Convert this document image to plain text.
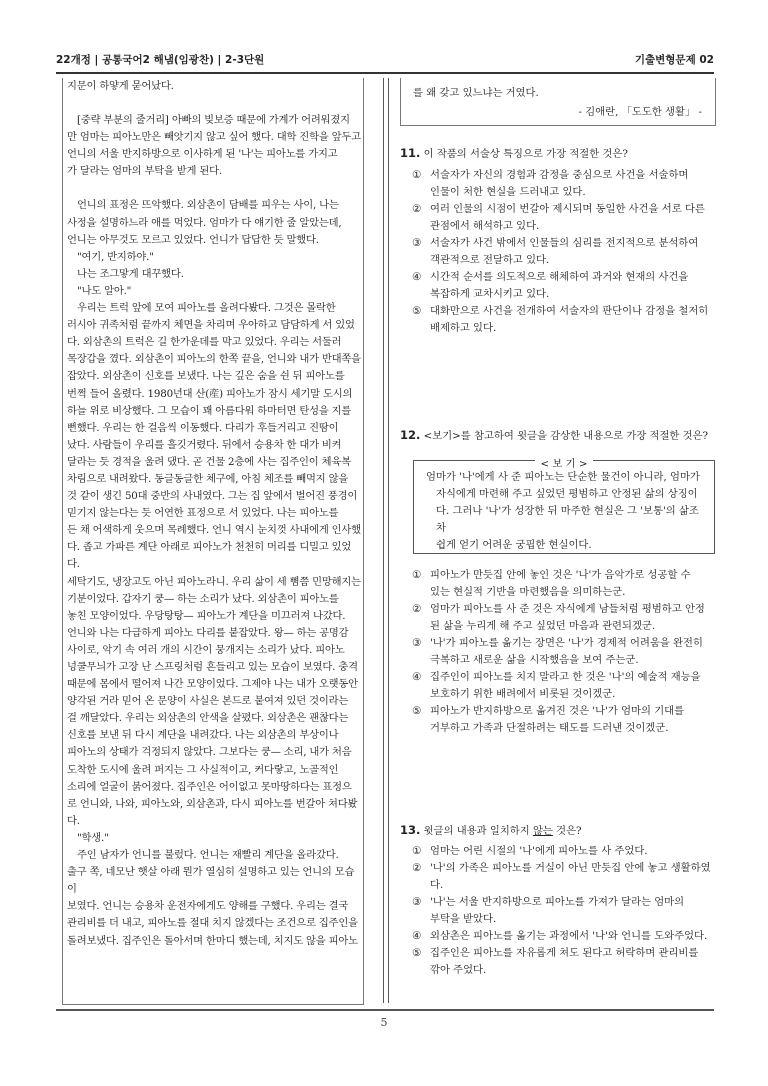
22개정 | 공통국어2 해냄(임광찬) | 2-3단원	기출변형문제 02

지문이 하얗게 묻어났다.

[중략 부분의 줄거리] 아빠의 빚보증 때문에 가계가 어려워졌지

만 엄마는 피아노만은 빼앗기지 않고 싶어 했다. 대학 진학을 앞두고

언니의 서울 반지하방으로 이사하게 된 '나'는 피아노를 가지고

가 달라는 엄마의 부탁을 받게 된다.

언니의 표정은 뜨악했다. 외삼촌이 담배를 피우는 사이, 나는

사정을 설명하느라 애를 먹었다. 엄마가 다 얘기한 줄 알았는데,

언니는 아무것도 모르고 있었다. 언니가 답답한 듯 말했다.

"여기, 반지하야."

나는 조그맣게 대꾸했다.

"나도 알아."

우리는 트럭 앞에 모여 피아노를 올려다봤다. 그것은 몰락한

러시아 귀족처럼 끝까지 체면을 차리며 우아하고 담담하게 서 있었

다. 외삼촌의 트럭은 길 한가운데를 막고 있었다. 우리는 서둘러

목장갑을 꼈다. 외삼촌이 피아노의 한쪽 끝을, 언니와 내가 반대쪽을

잡았다. 외삼촌이 신호를 보냈다. 나는 깊은 숨을 쉰 뒤 피아노를

번쩍 들어 올렸다. 1980년대 산(産) 피아노가 잠시 세기말 도시의

하늘 위로 비상했다. 그 모습이 꽤 아름다워 하마터면 탄성을 지를

뻔했다. 우리는 한 걸음씩 이동했다. 다리가 후들거리고 진땀이

났다. 사람들이 우리를 흘깃거렸다. 뒤에서 승용차 한 대가 비켜

달라는 듯 경적을 울려 댔다. 곧 건물 2층에 사는 집주인이 체육복

차림으로 내려왔다. 동글동글한 체구에, 아침 체조를 빼먹지 않을

것 같이 생긴 50대 중반의 사내였다. 그는 집 앞에서 벌어진 풍경이

믿기지 않는다는 듯 어연한 표정으로 서 있었다. 나는 피아노를

든 채 어색하게 웃으며 목례했다. 언니 역시 눈치껏 사내에게 인사했

다. 좁고 가파른 계단 아래로 피아노가 천천히 머리를 디밀고 있었다.

세탁기도, 냉장고도 아닌 피아노라니. 우리 삶이 세 뼘쯤 민망해지는

기분이었다. 갑자기 쿵— 하는 소리가 났다. 외삼촌이 피아노를

놓친 모양이었다. 우당탕탕— 피아노가 계단을 미끄러져 나갔다.

언니와 나는 다급하게 피아노 다리를 붙잡았다. 왕— 하는 공명감

사이로, 악기 속 여러 개의 시간이 뭉개지는 소리가 났다. 피아노

넝쿨무늬가 고장 난 스프링처럼 흔들리고 있는 모습이 보였다. 충격

때문에 몸에서 떨어져 나간 모양이었다. 그제야 나는 내가 오랫동안

양각된 거라 믿어 온 문양이 사실은 본드로 붙여져 있던 것이라는

걸 깨달았다. 우리는 외삼촌의 안색을 살폈다. 외삼촌은 괜찮다는

신호를 보낸 뒤 다시 계단을 내려갔다. 나는 외삼촌의 부상이나

피아노의 상태가 걱정되지 않았다. 그보다는 쿵— 소리, 내가 처음

도착한 도시에 울려 퍼지는 그 사실적이고, 커다랗고, 노골적인

소리에 얼굴이 붉어졌다. 집주인은 어이없고 못마땅하다는 표정으

로 언니와, 나와, 피아노와, 외삼촌과, 다시 피아노를 번갈아 쳐다봤

다.

"학생."

주인 남자가 언니를 불렀다. 언니는 재빨리 계단을 올라갔다.

출구 쪽, 네모난 햇살 아래 뭔가 열심히 설명하고 있는 언니의 모습이

보였다. 언니는 승용차 운전자에게도 양해를 구했다. 우리는 결국

관리비를 더 내고, 피아노를 절대 치지 않겠다는 조건으로 집주인을

돌려보냈다. 집주인은 돌아서며 한마디 했는데, 치지도 않을 피아노

를 왜 갖고 있느냐는 거였다.
- 김애란, 「도도한 생활」 -
11. 이 작품의 서술상 특징으로 가장 적절한 것은?
① 서술자가 자신의 경험과 감정을 중심으로 사건을 서술하며
인물이 처한 현실을 드러내고 있다.
② 여러 인물의 시점이 번갈아 제시되며 동일한 사건을 서로 다른
관점에서 해석하고 있다.
③ 서술자가 사건 밖에서 인물들의 심리를 전지적으로 분석하여
객관적으로 전달하고 있다.
④ 시간적 순서를 의도적으로 해체하여 과거와 현재의 사건을
복잡하게 교차시키고 있다.
⑤ 대화만으로 사건을 전개하여 서술자의 판단이나 감정을 철저히
배제하고 있다.
12. <보기>를 참고하여 윗글을 감상한 내용으로 가장 적절한 것은?
< 보 기 >
엄마가 '나'에게 사 준 피아노는 단순한 물건이 아니라, 엄마가
자식에게 마련해 주고 싶었던 평범하고 안정된 삶의 상징이
다. 그러나 '나'가 성장한 뒤 마주한 현실은 그 '보통'의 삶조차
쉽게 얻기 어려운 궁핍한 현실이다.
① 피아노가 만듯집 안에 놓인 것은 '나'가 음악가로 성공할 수
있는 현실적 기반을 마련했음을 의미하는군.
② 엄마가 피아노를 사 준 것은 자식에게 남들처럼 평범하고 안정
된 삶을 누리게 해 주고 싶었던 마음과 관련되겠군.
③ '나'가 피아노를 옮기는 장면은 '나'가 경제적 어려움을 완전히
극복하고 새로운 삶을 시작했음을 보여 주는군.
④ 집주인이 피아노를 치지 말라고 한 것은 '나'의 예술적 재능을
보호하기 위한 배려에서 비롯된 것이겠군.
⑤ 피아노가 반지하방으로 옮겨진 것은 '나'가 엄마의 기대를
거부하고 가족과 단절하려는 태도를 드러낸 것이겠군.
13. 윗글의 내용과 일치하지 않는 것은?
① 엄마는 어린 시절의 '나'에게 피아노를 사 주었다.
② '나'의 가족은 피아노를 거실이 아닌 만듯집 안에 놓고 생활하였
다.
③ '나'는 서울 반지하방으로 피아노를 가져가 달라는 엄마의
부탁을 받았다.
④ 외삼촌은 피아노를 옮기는 과정에서 '나'와 언니를 도와주었다.
⑤ 집주인은 피아노를 자유롭게 쳐도 된다고 허락하며 관리비를
깎아 주었다.
5
